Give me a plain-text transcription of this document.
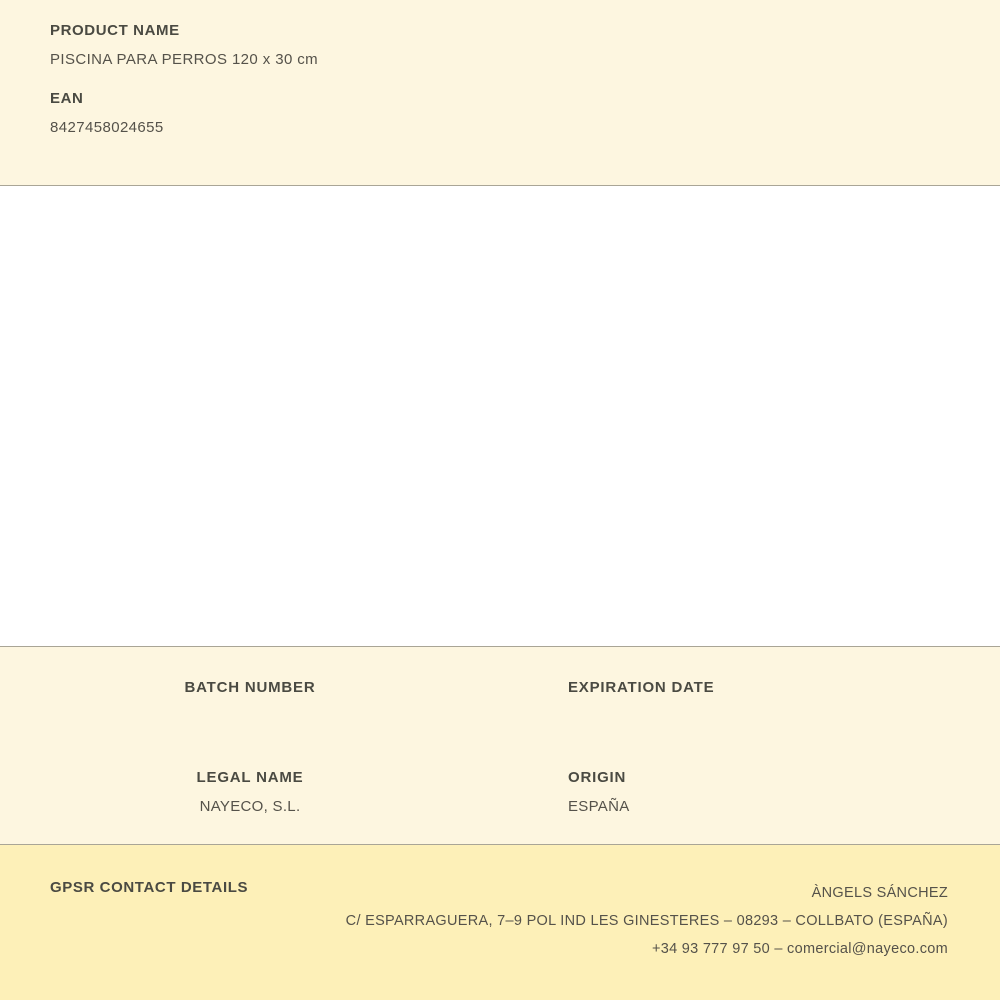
PRODUCT NAME
PISCINA PARA PERROS 120 x 30 cm
EAN
8427458024655
BATCH NUMBER
LEGAL NAME
NAYECO, S.L.
EXPIRATION DATE
ORIGIN
ESPAÑA
GPSR CONTACT DETAILS	ÀNGELS SÁNCHEZ
C/ ESPARRAGUERA, 7–9 POL IND LES GINESTERES – 08293 – COLLBATO (ESPAÑA)
+34 93 777 97 50 – comercial@nayeco.com
